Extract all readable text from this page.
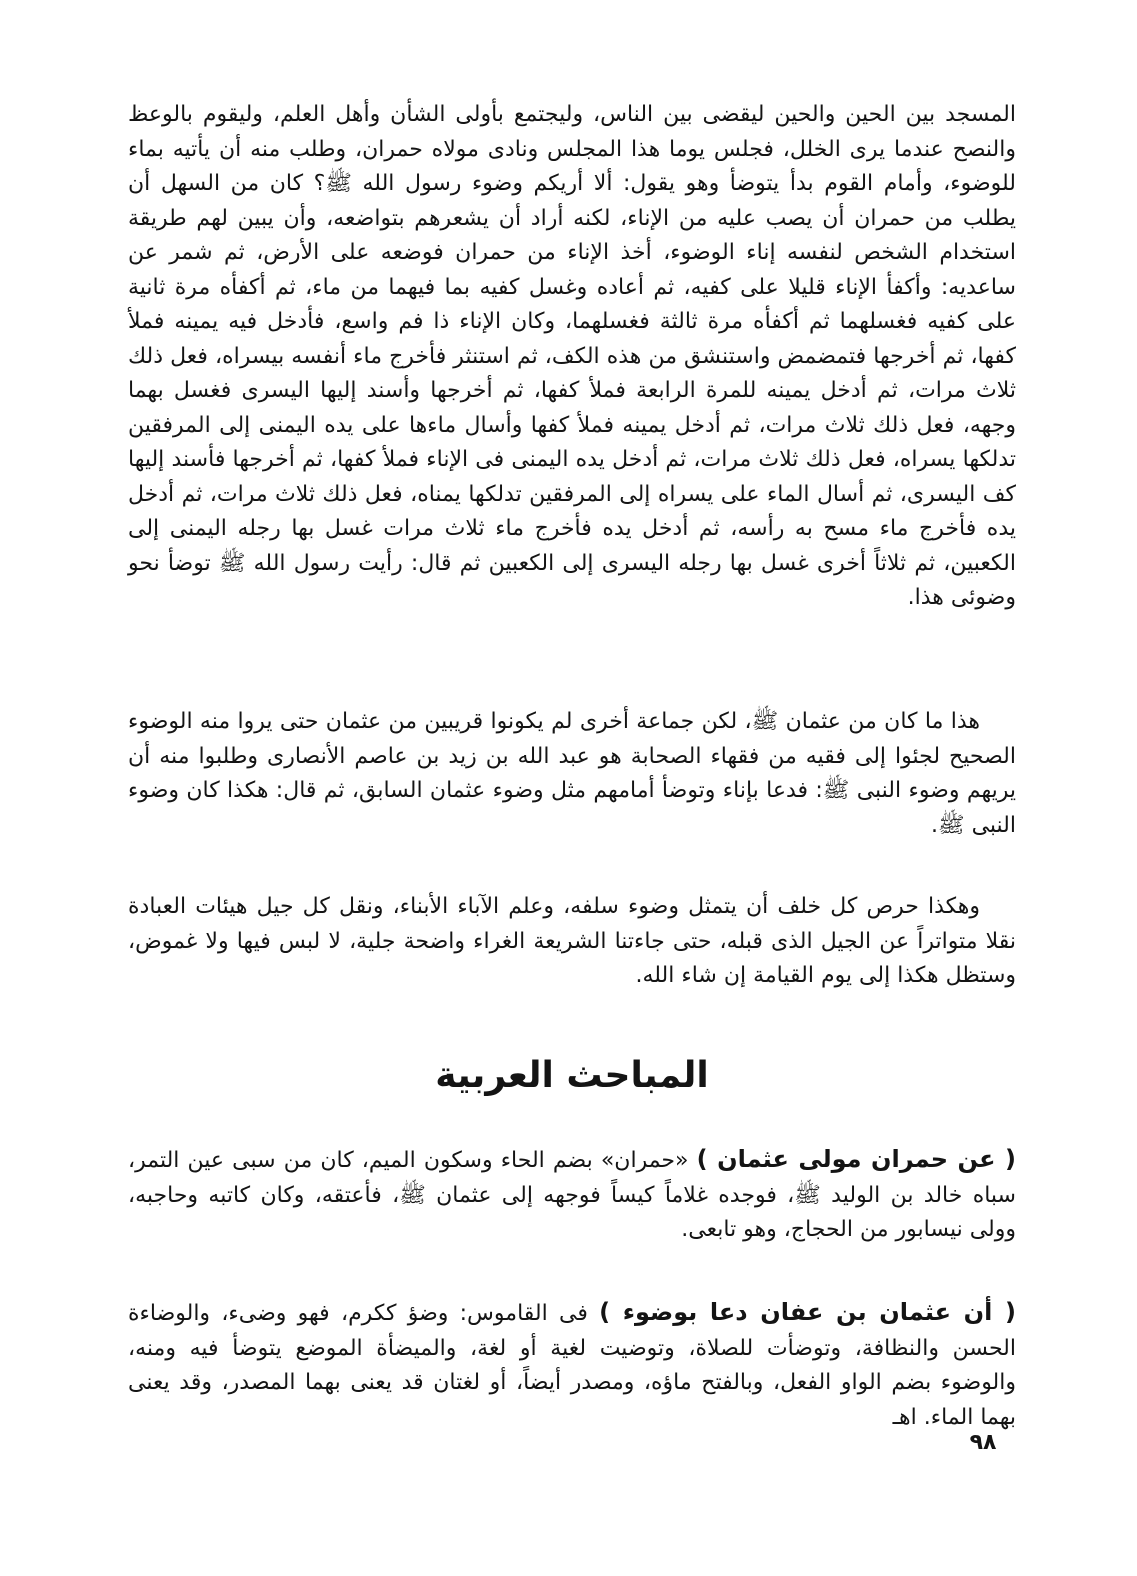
المسجد بين الحين والحين ليقضى بين الناس، وليجتمع بأولى الشأن وأهل العلم، وليقوم بالوعظ والنصح عندما يرى الخلل، فجلس يوما هذا المجلس ونادى مولاه حمران، وطلب منه أن يأتيه بماء للوضوء، وأمام القوم بدأ يتوضأ وهو يقول: ألا أريكم وضوء رسول الله ﷺ؟ كان من السهل أن يطلب من حمران أن يصب عليه من الإناء، لكنه أراد أن يشعرهم بتواضعه، وأن يبين لهم طريقة استخدام الشخص لنفسه إناء الوضوء، أخذ الإناء من حمران فوضعه على الأرض، ثم شمر عن ساعديه: وأكفأ الإناء قليلا على كفيه، ثم أعاده وغسل كفيه بما فيهما من ماء، ثم أكفأه مرة ثانية على كفيه فغسلهما ثم أكفأه مرة ثالثة فغسلهما، وكان الإناء ذا فم واسع، فأدخل فيه يمينه فملأ كفها، ثم أخرجها فتمضمض واستنشق من هذه الكف، ثم استنثر فأخرج ماء أنفسه بيسراه، فعل ذلك ثلاث مرات، ثم أدخل يمينه للمرة الرابعة فملأ كفها، ثم أخرجها وأسند إليها اليسرى فغسل بهما وجهه، فعل ذلك ثلاث مرات، ثم أدخل يمينه فملأ كفها وأسال ماءها على يده اليمنى إلى المرفقين تدلكها يسراه، فعل ذلك ثلاث مرات، ثم أدخل يده اليمنى فى الإناء فملأ كفها، ثم أخرجها فأسند إليها كف اليسرى، ثم أسال الماء على يسراه إلى المرفقين تدلكها يمناه، فعل ذلك ثلاث مرات، ثم أدخل يده فأخرج ماء مسح به رأسه، ثم أدخل يده فأخرج ماء ثلاث مرات غسل بها رجله اليمنى إلى الكعبين، ثم ثلاثاً أخرى غسل بها رجله اليسرى إلى الكعبين ثم قال: رأيت رسول الله ﷺ توضأ نحو وضوئى هذا.

هذا ما كان من عثمان ﷺ، لكن جماعة أخرى لم يكونوا قريبين من عثمان حتى يروا منه الوضوء الصحيح لجئوا إلى فقيه من فقهاء الصحابة هو عبد الله بن زيد بن عاصم الأنصارى وطلبوا منه أن يريهم وضوء النبى ﷺ: فدعا بإناء وتوضأ أمامهم مثل وضوء عثمان السابق، ثم قال: هكذا كان وضوء النبى ﷺ.

وهكذا حرص كل خلف أن يتمثل وضوء سلفه، وعلم الآباء الأبناء، ونقل كل جيل هيئات العبادة نقلا متواتراً عن الجيل الذى قبله، حتى جاءتنا الشريعة الغراء واضحة جلية، لا لبس فيها ولا غموض، وستظل هكذا إلى يوم القيامة إن شاء الله.

المباحث العربية

( عن حمران مولى عثمان ) «حمران» بضم الحاء وسكون الميم، كان من سبى عين التمر، سباه خالد بن الوليد ﷺ، فوجده غلاماً كيساً فوجهه إلى عثمان ﷺ، فأعتقه، وكان كاتبه وحاجبه، وولى نيسابور من الحجاج، وهو تابعى.

( أن عثمان بن عفان دعا بوضوء ) فى القاموس: وضؤ ككرم، فهو وضىء، والوضاءة الحسن والنظافة، وتوضأت للصلاة، وتوضيت لغية أو لغة، والميضأة الموضع يتوضأ فيه ومنه، والوضوء بضم الواو الفعل، وبالفتح ماؤه، ومصدر أيضاً، أو لغتان قد يعنى بهما المصدر، وقد يعنى بهما الماء. اهـ

٩٨
